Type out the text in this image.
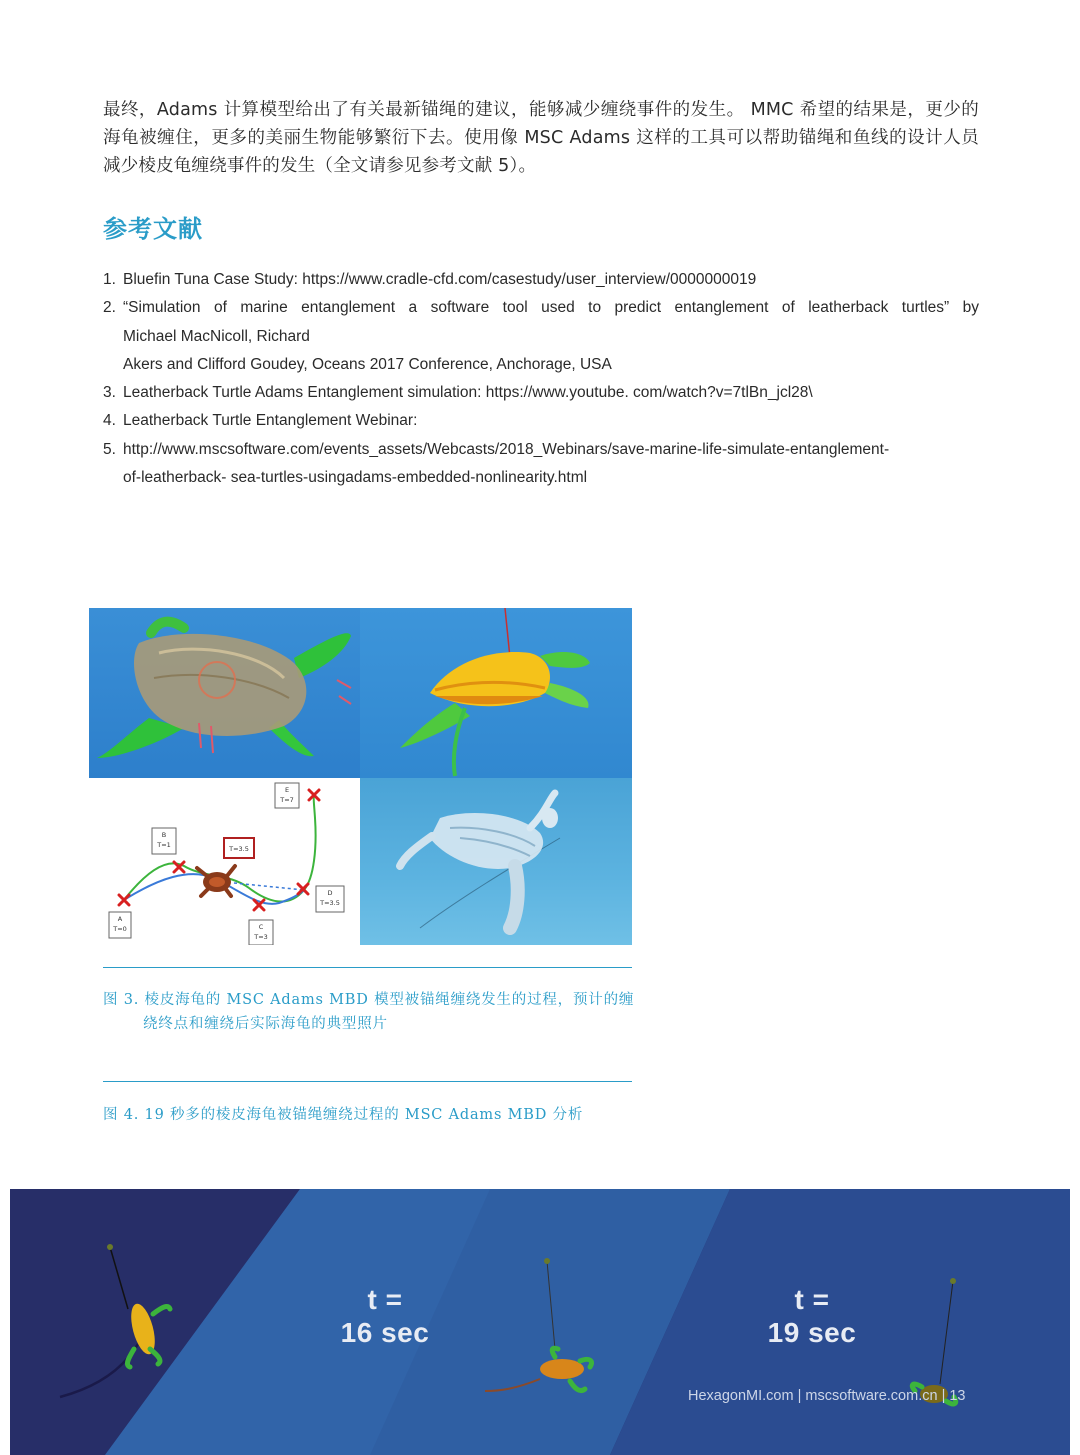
最终，Adams 计算模型给出了有关最新锚绳的建议，能够减少缠绕事件的发生。 MMC 希望的结果是，更少的海龟被缠住，更多的美丽生物能够繁衍下去。使用像 MSC Adams 这样的工具可以帮助锚绳和鱼线的设计人员减少棱皮龟缠绕事件的发生（全文请参见参考文献 5）。
参考文献
1. Bluefin Tuna Case Study: https://www.cradle-cfd.com/casestudy/user_interview/0000000019
2. “Simulation of marine entanglement a software tool used to predict entanglement of leatherback turtles” by
Michael MacNicoll, Richard
Akers and Clifford Goudey, Oceans 2017 Conference, Anchorage, USA
3. Leatherback Turtle Adams Entanglement simulation: https://www.youtube. com/watch?v=7tlBn_jcl28\
4. Leatherback Turtle Entanglement Webinar:
5. http://www.mscsoftware.com/events_assets/Webcasts/2018_Webinars/save-marine-life-simulate-entanglement-
of-leatherback- sea-turtles-usingadams-embedded-nonlinearity.html
A
T=0
B
T=1
C
T=3
D
T=3.5
E
T=7
T=3.5
图 3. 棱皮海龟的 MSC Adams MBD 模型被锚绳缠绕发生的过程，预计的缠
绕终点和缠绕后实际海龟的典型照片
图 4. 19 秒多的棱皮海龟被锚绳缠绕过程的 MSC Adams MBD 分析
t =
16 sec
t =
19 sec
HexagonMI.com | mscsoftware.com.cn | 13
